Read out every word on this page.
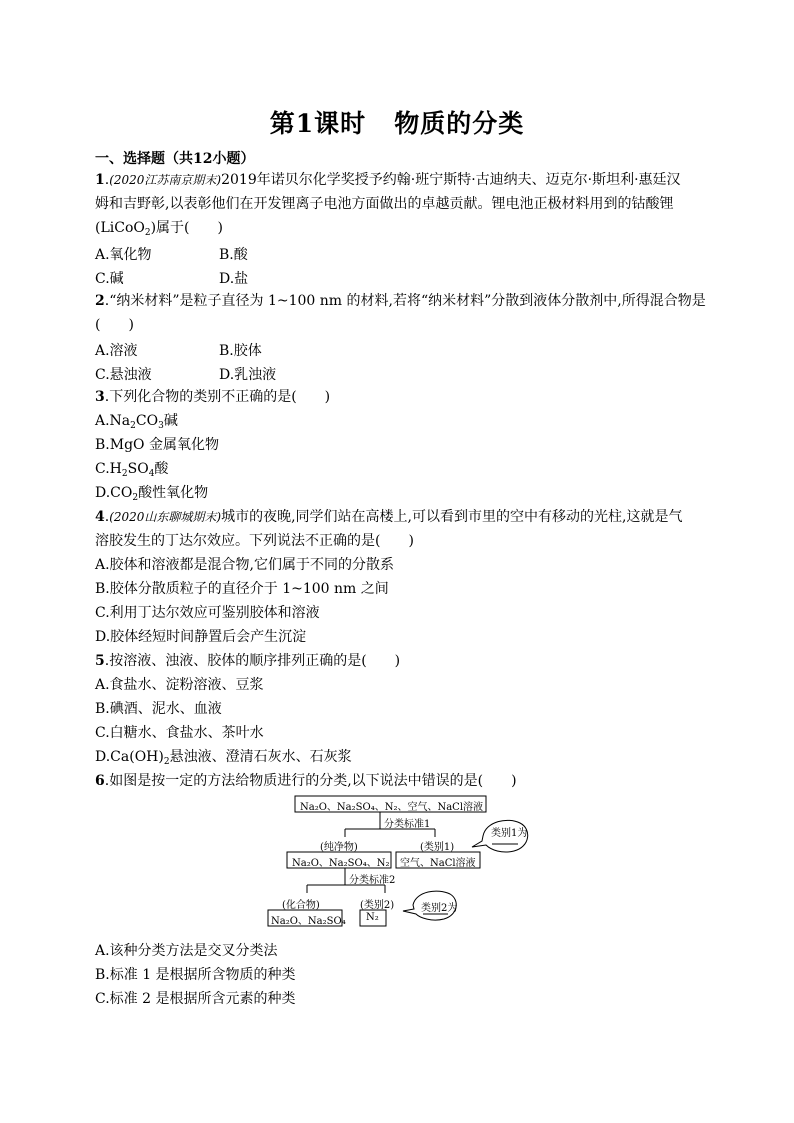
第1课时 物质的分类
一、选择题（共12小题）
1.(2020江苏南京期末)2019年诺贝尔化学奖授予约翰·班宁斯特·古迪纳夫、迈克尔·斯坦利·惠廷汉
姆和吉野彰,以表彰他们在开发锂离子电池方面做出的卓越贡献。锂电池正极材料用到的钴酸锂
(LiCoO$_2$)属于(　　)
A.氧化物	B.酸
C.碱	D.盐
2.“纳米材料”是粒子直径为 1~100 nm 的材料,若将“纳米材料”分散到液体分散剂中,所得混合物是
(　　)
A.溶液	B.胶体
C.悬浊液	D.乳浊液
3.下列化合物的类别不正确的是(　　)
$A.Na_2CO_3$碱
B.MgO 金属氧化物
$C.H_2SO_4$酸
$D.CO_2$酸性氧化物
4.(2020山东聊城期末)城市的夜晚,同学们站在高楼上,可以看到市里的空中有移动的光柱,这就是气
溶胶发生的丁达尔效应。下列说法不正确的是(　　)
A.胶体和溶液都是混合物,它们属于不同的分散系
B.胶体分散质粒子的直径介于 1~100 nm 之间
C.利用丁达尔效应可鉴别胶体和溶液
D.胶体经短时间静置后会产生沉淀
5.按溶液、浊液、胶体的顺序排列正确的是(　　)
A.食盐水、淀粉溶液、豆浆
B.碘酒、泥水、血液
C.白糖水、食盐水、茶叶水
$D.Ca(OH)_2$悬浊液、澄清石灰水、石灰浆
6.如图是按一定的方法给物质进行的分类,以下说法中错误的是(　　)
Na₂O、Na₂SO₄、N₂、空气、NaCl溶液
分类标准1
(纯净物)	(类别1)
Na₂O、Na₂SO₄、N₂ 空气、NaCl溶液
类别1为
分类标准2
(化合物)	(类别2)
Na₂O、Na₂SO₄ N₂
类别2为
A.该种分类方法是交叉分类法
B.标准 1 是根据所含物质的种类
C.标准 2 是根据所含元素的种类
